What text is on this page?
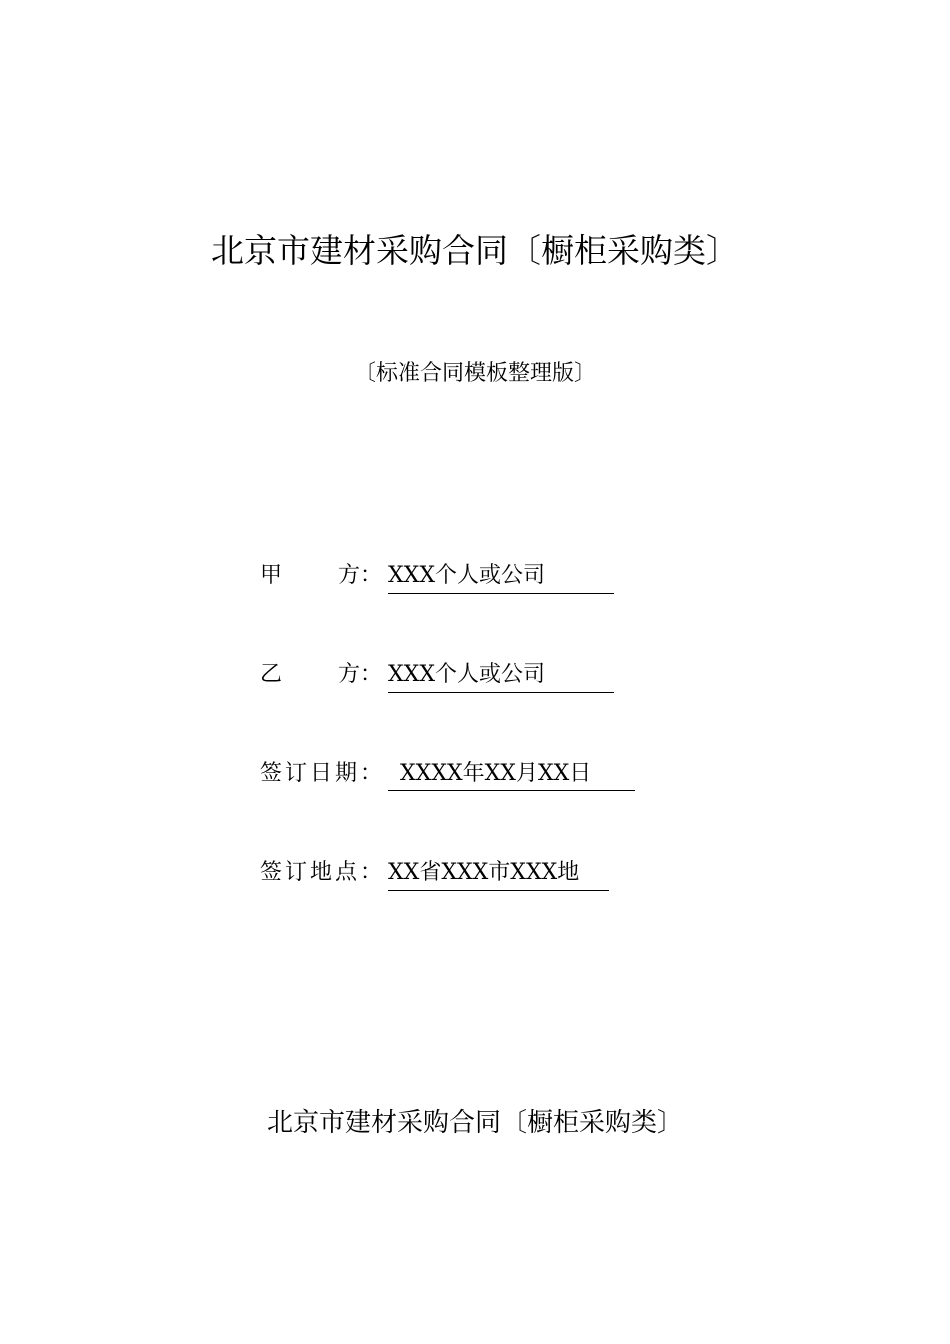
北京市建材采购合同〔橱柜采购类〕
〔标准合同模板整理版〕
甲	方： XXX个人或公司
乙	方： XXX个人或公司
签订日期： XXXX年XX月XX日
签订地点： XX省XXX市XXX地
北京市建材采购合同〔橱柜采购类〕
